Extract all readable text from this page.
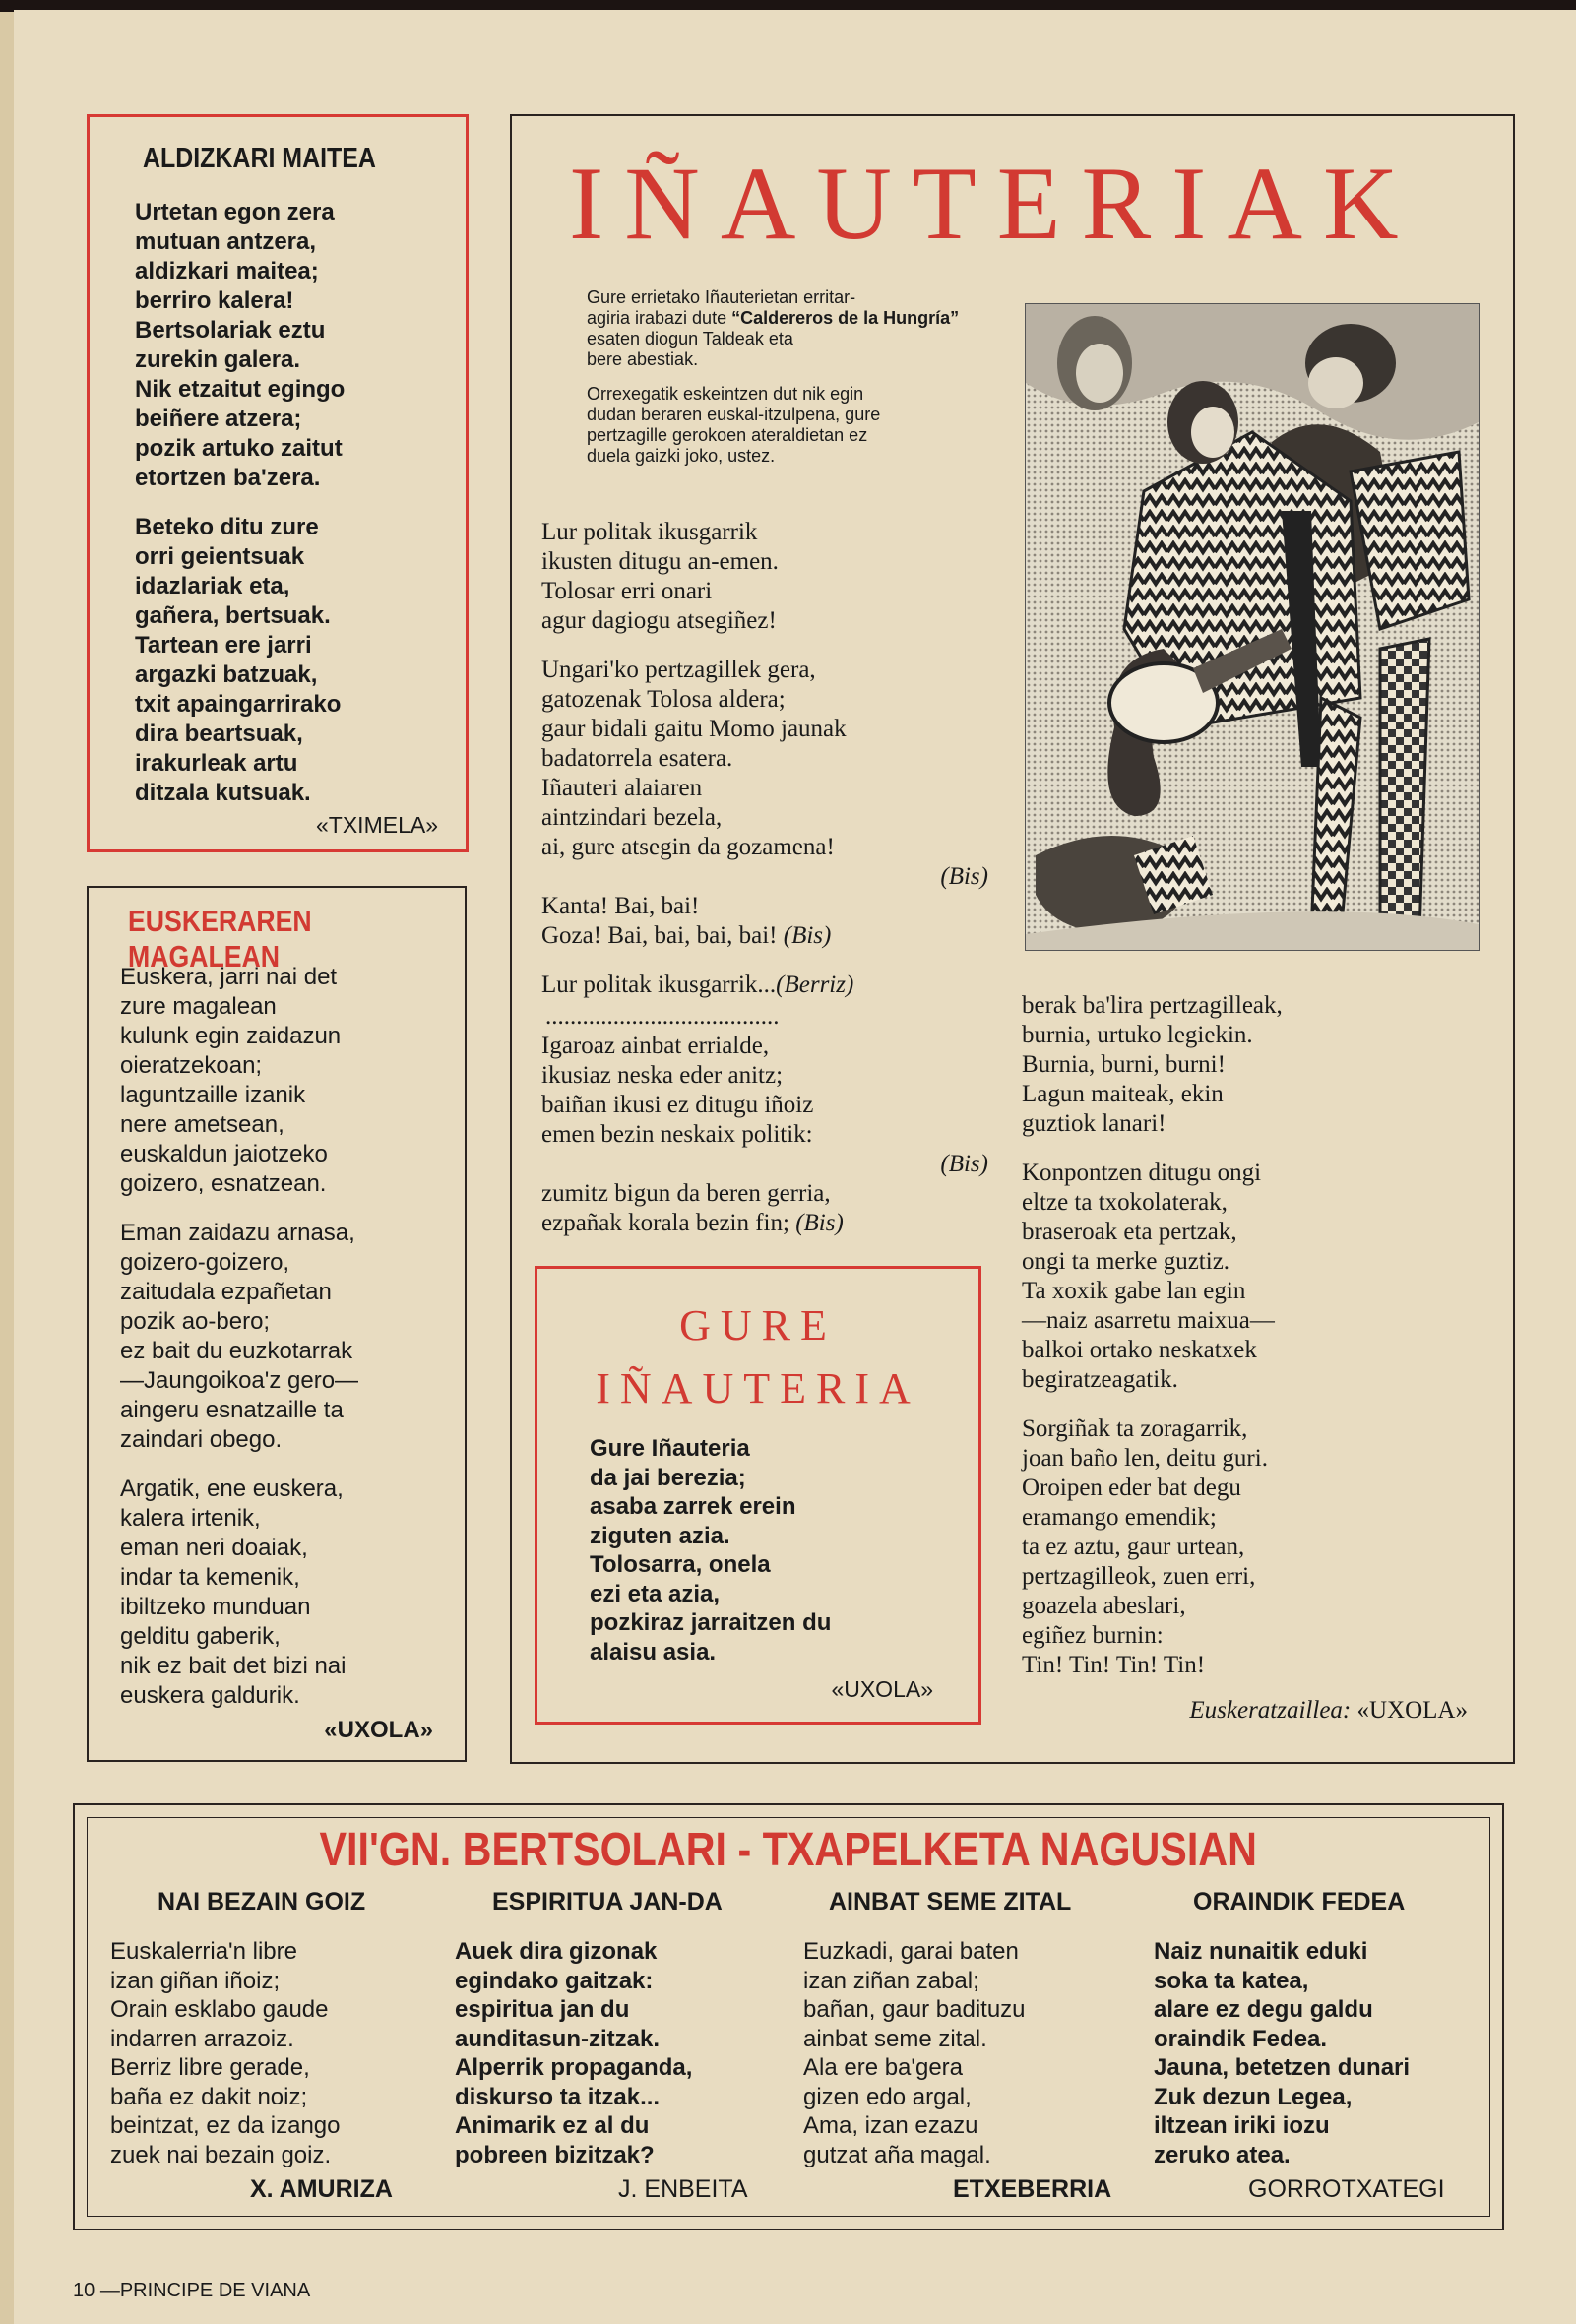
ALDIZKARI MAITEA
Urtetan egon zera
mutuan antzera,
aldizkari maitea;
berriro kalera!
Bertsolariak eztu
zurekin galera.
Nik etzaitut egingo
beiñere atzera;
pozik artuko zaitut
etortzen ba'zera.
Beteko ditu zure
orri geientsuak
idazlariak eta,
gañera, bertsuak.
Tartean ere jarri
argazki batzuak,
txit apaingarrirako
dira beartsuak,
irakurleak artu
ditzala kutsuak.
«TXIMELA»
EUSKERAREN MAGALEAN
Euskera, jarri nai det
zure magalean
kulunk egin zaidazun
oieratzekoan;
laguntzaille izanik
nere ametsean,
euskaldun jaiotzeko
goizero, esnatzean.
Eman zaidazu arnasa,
goizero-goizero,
zaitudala ezpañetan
pozik ao-bero;
ez bait du euzkotarrak
—Jaungoikoa'z gero—
aingeru esnatzaille ta
zaindari obego.
Argatik, ene euskera,
kalera irtenik,
eman neri doaiak,
indar ta kemenik,
ibiltzeko munduan
gelditu gaberik,
nik ez bait det bizi nai
euskera galdurik.
«UXOLA»
IÑAUTERIAK
Gure errietako Iñauterietan erritar-
agiria irabazi dute “Caldereros de la Hungría”
esaten diogun Taldeak eta
bere abestiak.
Orrexegatik eskeintzen dut nik egin
dudan beraren euskal-itzulpena, gure
pertzagille gerokoen ateraldietan ez
duela gaizki joko, ustez.
Lur politak ikusgarrik
ikusten ditugu an-emen.
Tolosar erri onari
agur dagiogu atsegiñez!
Ungari'ko pertzagillek gera,
gatozenak Tolosa aldera;
gaur bidali gaitu Momo jaunak
badatorrela esatera.
Iñauteri alaiaren
aintzindari bezela,
ai, gure atsegin da gozamena!
(Bis)
Kanta! Bai, bai!
Goza! Bai, bai, bai, bai! (Bis)
Lur politak ikusgarrik...(Berriz)
......................................
Igaroaz ainbat errialde,
ikusiaz neska eder anitz;
baiñan ikusi ez ditugu iñoiz
emen bezin neskaix politik:
(Bis)
zumitz bigun da beren gerria,
ezpañak korala bezin fin; (Bis)
berak ba'lira pertzagilleak,
burnia, urtuko legiekin.
Burnia, burni, burni!
Lagun maiteak, ekin
guztiok lanari!
Konpontzen ditugu ongi
eltze ta txokolaterak,
braseroak eta pertzak,
ongi ta merke guztiz.
Ta xoxik gabe lan egin
—naiz asarretu maixua—
balkoi ortako neskatxek
begiratzeagatik.
Sorgiñak ta zoragarrik,
joan baño len, deitu guri.
Oroipen eder bat degu
eramango emendik;
ta ez aztu, gaur urtean,
pertzagilleok, zuen erri,
goazela abeslari,
egiñez burnin:
Tin! Tin! Tin! Tin!
Euskeratzaillea: «UXOLA»
GURE
IÑAUTERIA
Gure Iñauteria
da jai berezia;
asaba zarrek erein
ziguten azia.
Tolosarra, onela
ezi eta azia,
pozkiraz jarraitzen du
alaisu asia.
«UXOLA»
VII'GN. BERTSOLARI - TXAPELKETA NAGUSIAN
NAI BEZAIN GOIZ
Euskalerria'n libre
izan giñan iñoiz;
Orain esklabo gaude
indarren arrazoiz.
Berriz libre gerade,
baña ez dakit noiz;
beintzat, ez da izango
zuek nai bezain goiz.
X. AMURIZA
ESPIRITUA JAN-DA
Auek dira gizonak
egindako gaitzak:
espiritua jan du
aunditasun-zitzak.
Alperrik propaganda,
diskurso ta itzak...
Animarik ez al du
pobreen bizitzak?
J. ENBEITA
AINBAT SEME ZITAL
Euzkadi, garai baten
izan ziñan zabal;
bañan, gaur badituzu
ainbat seme zital.
Ala ere ba'gera
gizen edo argal,
Ama, izan ezazu
gutzat aña magal.
ETXEBERRIA
ORAINDIK FEDEA
Naiz nunaitik eduki
soka ta katea,
alare ez degu galdu
oraindik Fedea.
Jauna, betetzen dunari
Zuk dezun Legea,
iltzean iriki iozu
zeruko atea.
GORROTXATEGI
10 —PRINCIPE DE VIANA
